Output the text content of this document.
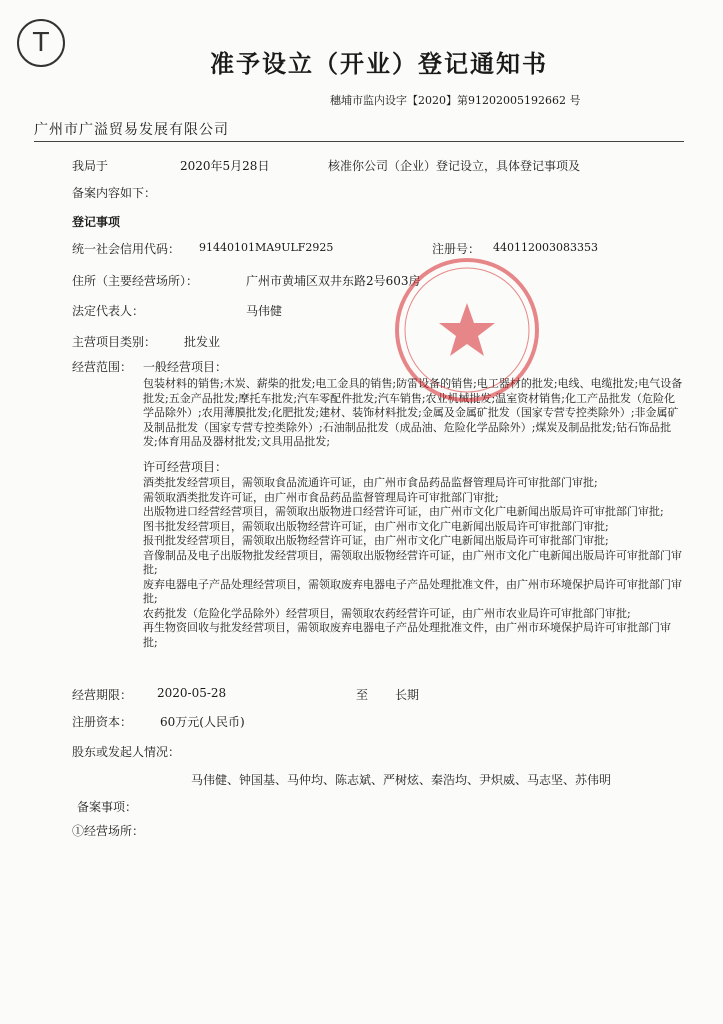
T
准予设立（开业）登记通知书
穗埔市监内设字【2020】第91202005192662 号
广州市广溢贸易发展有限公司
我局于	2020年5月28日	核准你公司（企业）登记设立，具体登记事项及
备案内容如下：
登记事项
统一社会信用代码： 91440101MA9ULF2925	注册号： 440112003083353
住所（主要经营场所）：	广州市黄埔区双井东路2号603房
法定代表人：	马伟健
主营项目类别： 批发业
经营范围： 一般经营项目：
包装材料的销售;木炭、薪柴的批发;电工金具的销售;防雷设备的销售;电工器材的批发;电线、电缆批发;电气设备批发;五金产品批发;摩托车批发;汽车零配件批发;汽车销售;农业机械批发;温室资材销售;化工产品批发（危险化学品除外）;农用薄膜批发;化肥批发;建材、装饰材料批发;金属及金属矿批发（国家专营专控类除外）;非金属矿及制品批发（国家专营专控类除外）;石油制品批发（成品油、危险化学品除外）;煤炭及制品批发;钻石饰品批发;体育用品及器材批发;文具用品批发;
许可经营项目：
酒类批发经营项目，需领取食品流通许可证，由广州市食品药品监督管理局许可审批部门审批;
需领取酒类批发许可证，由广州市食品药品监督管理局许可审批部门审批;
出版物进口经营经营项目，需领取出版物进口经营许可证，由广州市文化广电新闻出版局许可审批部门审批;
图书批发经营项目，需领取出版物经营许可证，由广州市文化广电新闻出版局许可审批部门审批;
报刊批发经营项目，需领取出版物经营许可证，由广州市文化广电新闻出版局许可审批部门审批;
音像制品及电子出版物批发经营项目，需领取出版物经营许可证，由广州市文化广电新闻出版局许可审批部门审批;
废弃电器电子产品处理经营项目，需领取废弃电器电子产品处理批准文件，由广州市环境保护局许可审批部门审批;
农药批发（危险化学品除外）经营项目，需领取农药经营许可证，由广州市农业局许可审批部门审批;
再生物资回收与批发经营项目，需领取废弃电器电子产品处理批准文件，由广州市环境保护局许可审批部门审批;
经营期限： 2020-05-28	至 长期
注册资本： 60万元(人民币)
股东或发起人情况：
马伟健、钟国基、马仲均、陈志斌、严树炫、秦浩均、尹炽威、马志坚、苏伟明
备案事项：
①经营场所：
